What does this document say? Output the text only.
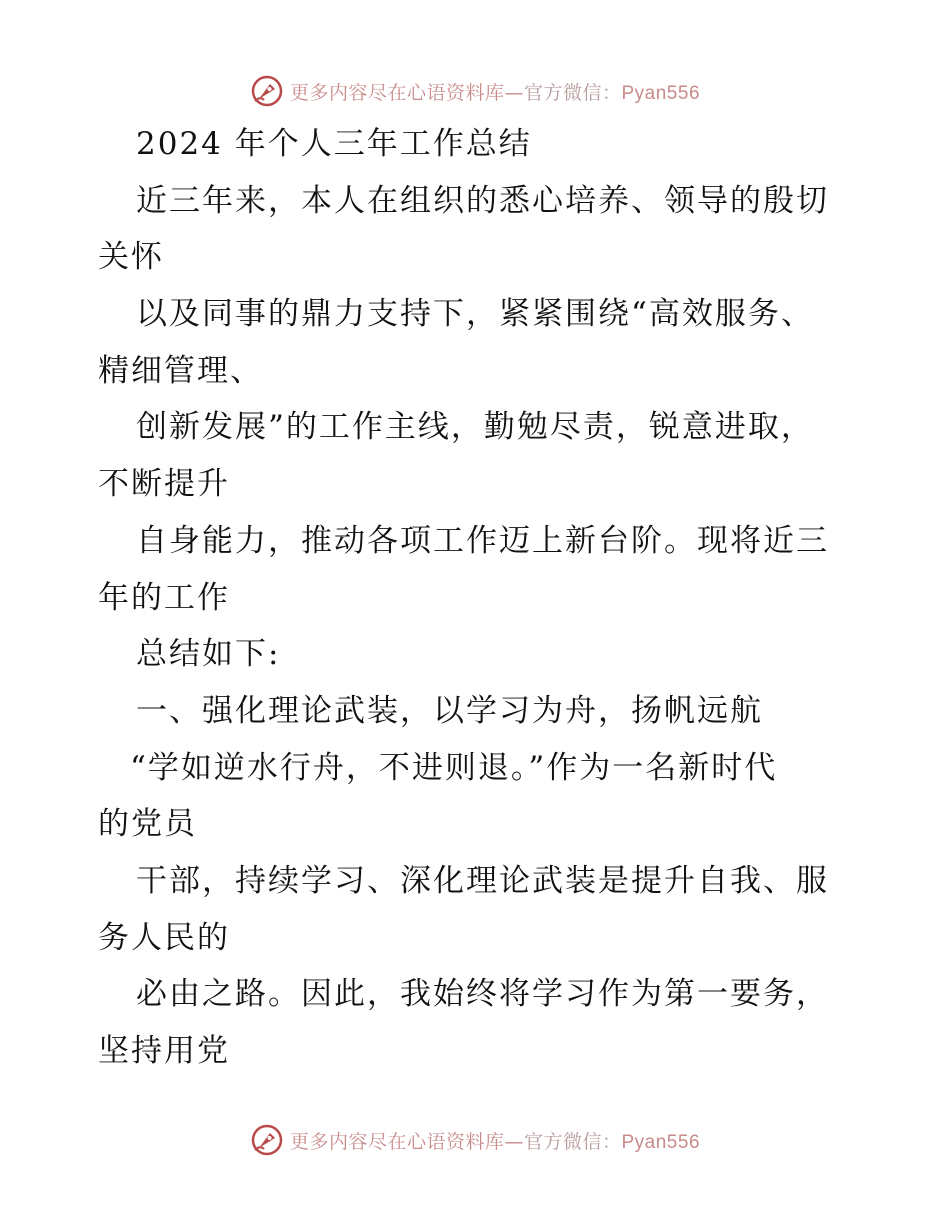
更多内容尽在心语资料库—官方微信：Pyan556
2024 年个人三年工作总结
近三年来，本人在组织的悉心培养、领导的殷切
关怀
以及同事的鼎力支持下，紧紧围绕“高效服务、
精细管理、
创新发展”的工作主线，勤勉尽责，锐意进取，
不断提升
自身能力，推动各项工作迈上新台阶。现将近三
年的工作
总结如下:
一、强化理论武装，以学习为舟，扬帆远航
“学如逆水行舟，不进则退。”作为一名新时代
的党员
干部，持续学习、深化理论武装是提升自我、服
务人民的
必由之路。因此，我始终将学习作为第一要务，
坚持用党
更多内容尽在心语资料库—官方微信：Pyan556
